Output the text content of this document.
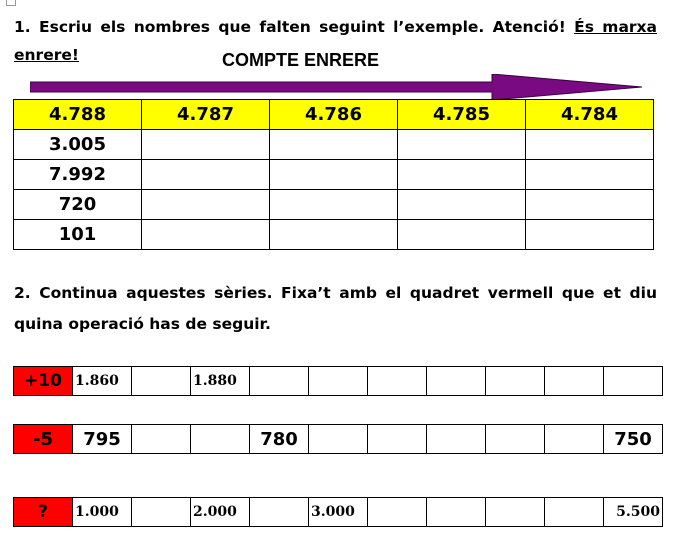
1. Escriu els nombres que falten seguint l’exemple. Atenció! És marxa enrere!	COMPTE ENRERE
4.788	4.787	4.786	4.785	4.784
3.005				
7.992				
720				
101				
2. Continua aquestes sèries. Fixa’t amb el quadret vermell que et diu quina operació has de seguir.
+10	1.860		1.880							
-5	795			780						750
?	1.000		2.000		3.000					5.500
